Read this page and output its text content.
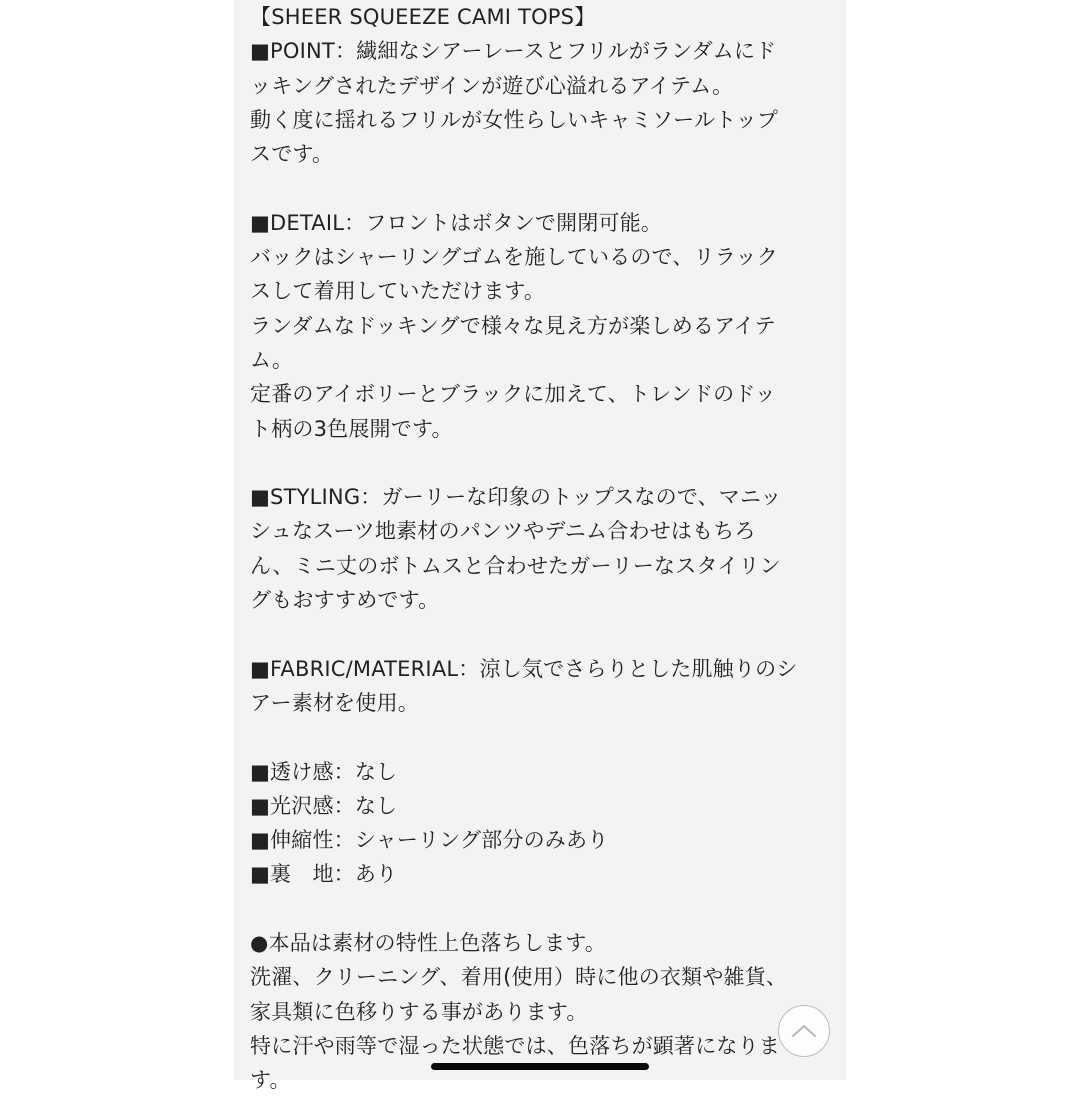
【SHEER SQUEEZE CAMI TOPS】
■POINT：繊細なシアーレースとフリルがランダムにド
ッキングされたデザインが遊び心溢れるアイテム。
動く度に揺れるフリルが女性らしいキャミソールトップ
スです。
■DETAIL：フロントはボタンで開閉可能。
バックはシャーリングゴムを施しているので、リラック
スして着用していただけます。
ランダムなドッキングで様々な見え方が楽しめるアイテ
ム。
定番のアイボリーとブラックに加えて、トレンドのドッ
ト柄の3色展開です。
■STYLING：ガーリーな印象のトップスなので、マニッ
シュなスーツ地素材のパンツやデニム合わせはもちろ
ん、ミニ丈のボトムスと合わせたガーリーなスタイリン
グもおすすめです。
■FABRIC/MATERIAL：涼し気でさらりとした肌触りのシ
アー素材を使用。
■透け感：なし
■光沢感：なし
■伸縮性：シャーリング部分のみあり
■裏　地：あり
●本品は素材の特性上色落ちします。
洗濯、クリーニング、着用(使用）時に他の衣類や雑貨、
家具類に色移りする事があります。
特に汗や雨等で湿った状態では、色落ちが顕著になりま
す。
